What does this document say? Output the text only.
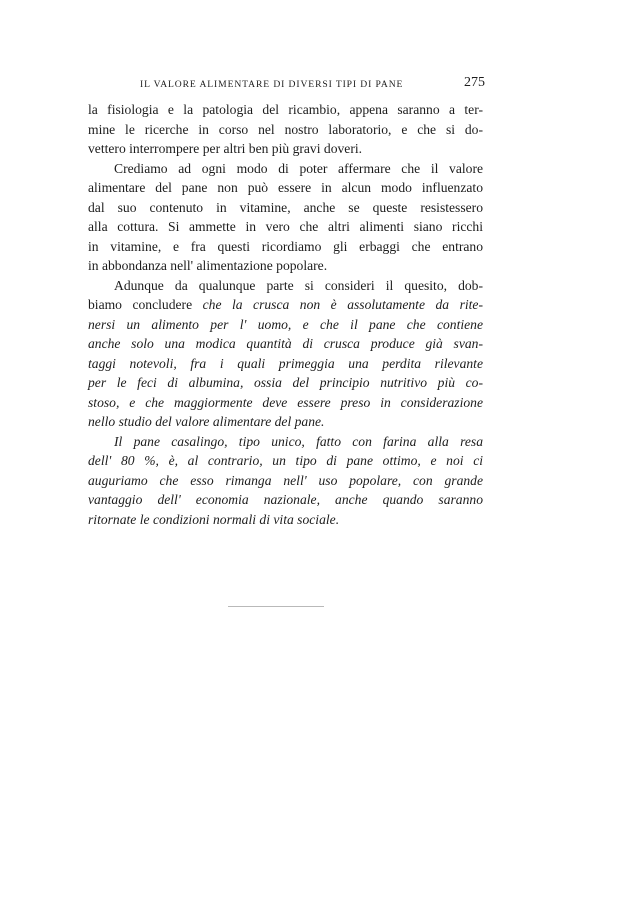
IL VALORE ALIMENTARE DI DIVERSI TIPI DI PANE	275
la fisiologia e la patologia del ricambio, appena saranno a ter-
mine le ricerche in corso nel nostro laboratorio, e che si do-
vettero interrompere per altri ben più gravi doveri.
Crediamo ad ogni modo di poter affermare che il valore
alimentare del pane non può essere in alcun modo influenzato
dal suo contenuto in vitamine, anche se queste resistessero
alla cottura. Si ammette in vero che altri alimenti siano ricchi
in vitamine, e fra questi ricordiamo gli erbaggi che entrano
in abbondanza nell' alimentazione popolare.
Adunque da qualunque parte si consideri il quesito, dob-
biamo concludere che la crusca non è assolutamente da rite-
nersi un alimento per l' uomo, e che il pane che contiene
anche solo una modica quantità di crusca produce già svan-
taggi notevoli, fra i quali primeggia una perdita rilevante
per le feci di albumina, ossia del principio nutritivo più co-
stoso, e che maggiormente deve essere preso in considerazione
nello studio del valore alimentare del pane.
Il pane casalingo, tipo unico, fatto con farina alla resa
dell' 80 %, è, al contrario, un tipo di pane ottimo, e noi ci
auguriamo che esso rimanga nell' uso popolare, con grande
vantaggio dell' economia nazionale, anche quando saranno
ritornate le condizioni normali di vita sociale.
